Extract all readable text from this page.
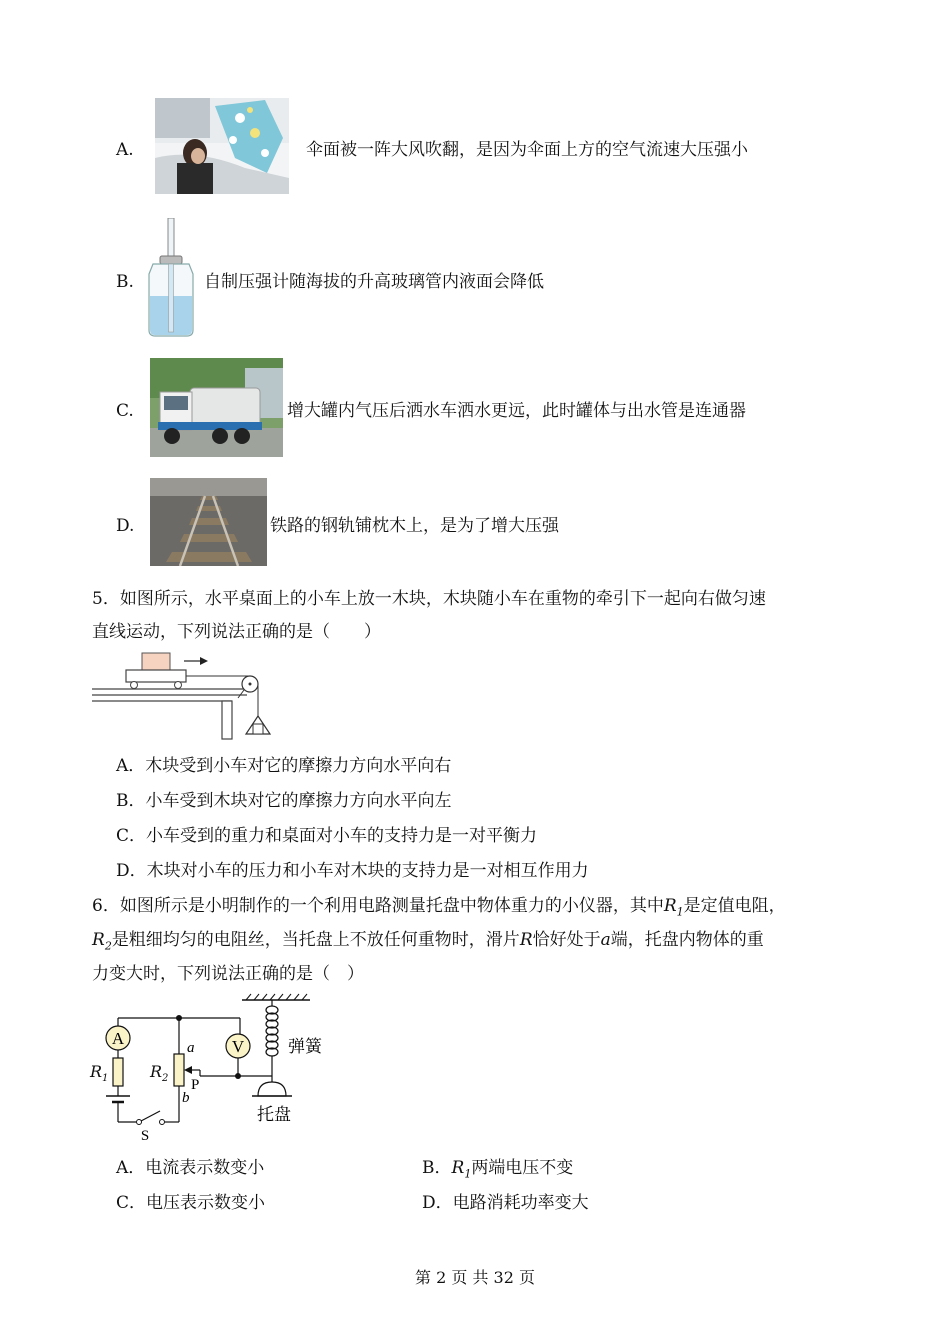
A.	伞面被一阵大风吹翻，是因为伞面上方的空气流速大压强小
B.	自制压强计随海拔的升高玻璃管内液面会降低
C.	增大罐内气压后洒水车洒水更远，此时罐体与出水管是连通器
D.	铁路的钢轨铺枕木上，是为了增大压强
5．如图所示，水平桌面上的小车上放一木块，木块随小车在重物的牵引下一起向右做匀速
直线运动，下列说法正确的是（　　）
A．木块受到小车对它的摩擦力方向水平向右
B．小车受到木块对它的摩擦力方向水平向左
C．小车受到的重力和桌面对小车的支持力是一对平衡力
D．木块对小车的压力和小车对木块的支持力是一对相互作用力
6．如图所示是小明制作的一个利用电路测量托盘中物体重力的小仪器，其中$R_1$是定值电阻，
$R_2$是粗细均匀的电阻丝，当托盘上不放任何重物时，滑片R恰好处于a端，托盘内物体的重
力变大时，下列说法正确的是（　）
A
S
P
a
b
V	弹簧
托盘
$R_1$	$R_2$
A．电流表示数变小	B．$R_1$两端电压不变
C．电压表示数变小	D．电路消耗功率变大
第 2 页 共 32 页
